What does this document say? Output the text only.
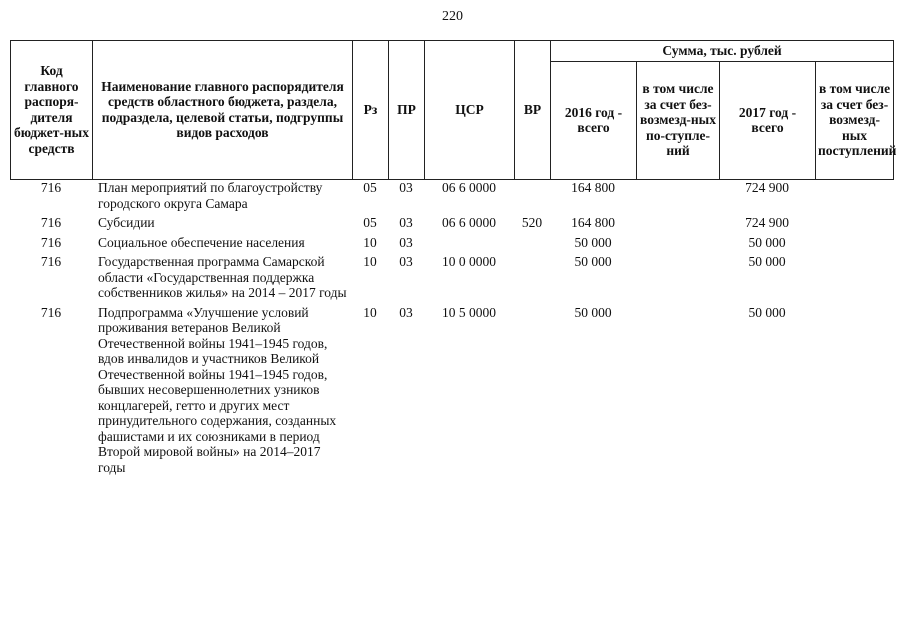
220
Код главного распоря-дителя бюджет-ных средств	Наименование главного распорядителя средств областного бюджета, раздела, подраздела, целевой статьи, подгруппы видов расходов	Рз	ПР	ЦСР	ВР	Сумма, тыс. рублей			
						2016 год - всего	в том числе за счет без-возмезд-ных по-ступле-ний	2017 год - всего	в том числе за счет без-возмезд-ных поступлений
716	План мероприятий по благоустройству городского округа Самара	05	03	06 6 0000		164 800		724 900	
716	Субсидии	05	03	06 6 0000	520	164 800		724 900	
716	Социальное обеспечение населения	10	03			50 000		50 000	
716	Государственная программа Самарской области «Государственная поддержка собственников жилья» на 2014 – 2017 годы	10	03	10 0 0000		50 000		50 000	
716	Подпрограмма «Улучшение условий проживания ветеранов Великой Отечественной войны 1941–1945 годов, вдов инвалидов и участников Великой Отечественной войны 1941–1945 годов, бывших несовершеннолетних узников концлагерей, гетто и других мест принудительного содержания, созданных фашистами и их союзниками в период Второй мировой войны» на 2014–2017 годы	10	03	10 5 0000		50 000		50 000	
